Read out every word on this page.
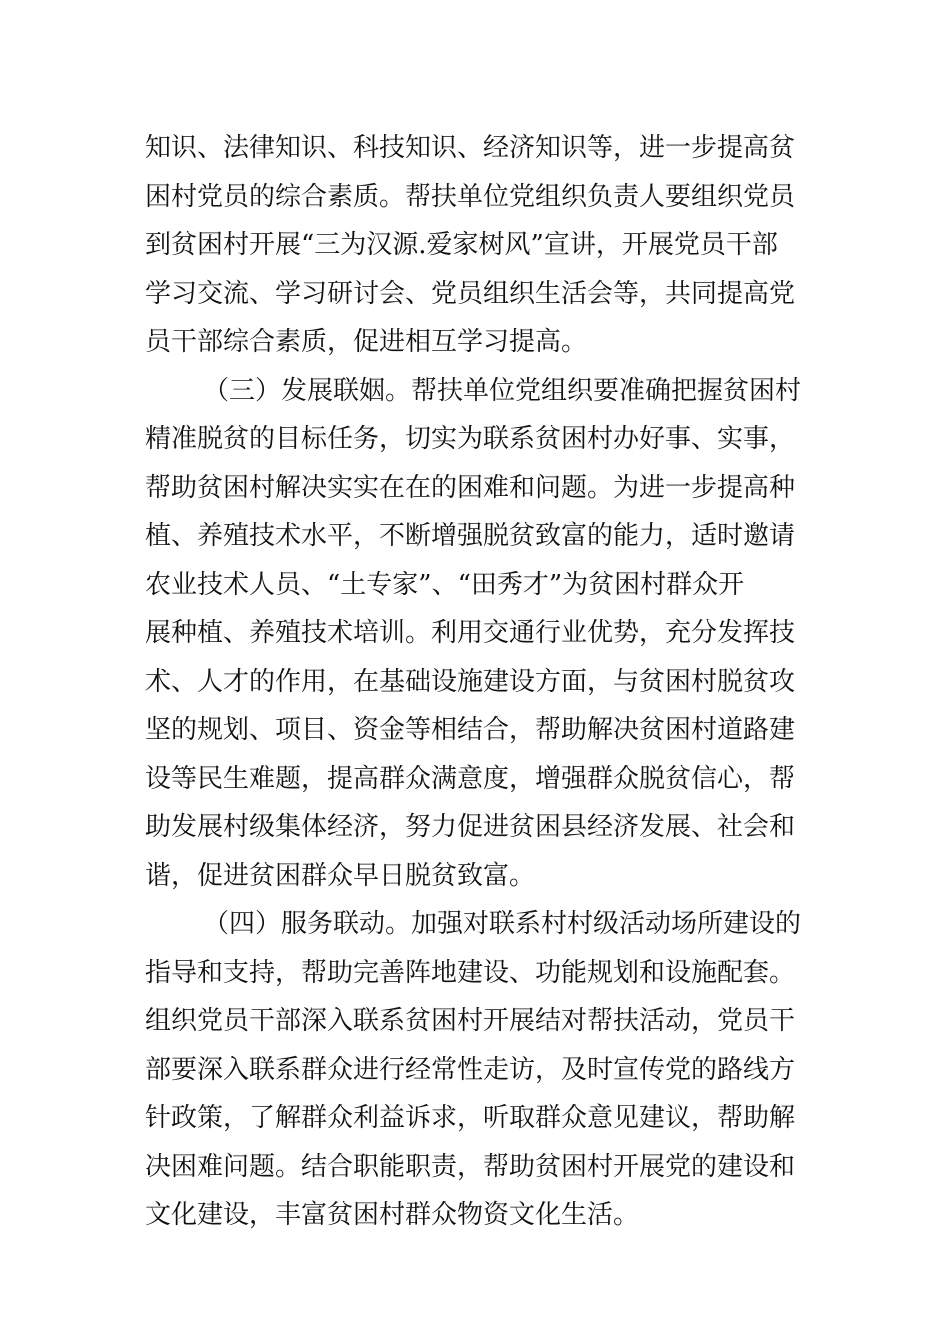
知识、法律知识、科技知识、经济知识等，进一步提高贫
困村党员的综合素质。帮扶单位党组织负责人要组织党员
到贫困村开展“三为汉源.爱家树风”宣讲，开展党员干部
学习交流、学习研讨会、党员组织生活会等，共同提高党
员干部综合素质，促进相互学习提高。
（三）发展联姻。帮扶单位党组织要准确把握贫困村
精准脱贫的目标任务，切实为联系贫困村办好事、实事，
帮助贫困村解决实实在在的困难和问题。为进一步提高种
植、养殖技术水平，不断增强脱贫致富的能力，适时邀请
农业技术人员、“土专家”、“田秀才”为贫困村群众开
展种植、养殖技术培训。利用交通行业优势，充分发挥技
术、人才的作用，在基础设施建设方面，与贫困村脱贫攻
坚的规划、项目、资金等相结合，帮助解决贫困村道路建
设等民生难题，提高群众满意度，增强群众脱贫信心，帮
助发展村级集体经济，努力促进贫困县经济发展、社会和
谐，促进贫困群众早日脱贫致富。
（四）服务联动。加强对联系村村级活动场所建设的
指导和支持，帮助完善阵地建设、功能规划和设施配套。
组织党员干部深入联系贫困村开展结对帮扶活动，党员干
部要深入联系群众进行经常性走访，及时宣传党的路线方
针政策，了解群众利益诉求，听取群众意见建议，帮助解
决困难问题。结合职能职责，帮助贫困村开展党的建设和
文化建设，丰富贫困村群众物资文化生活。
